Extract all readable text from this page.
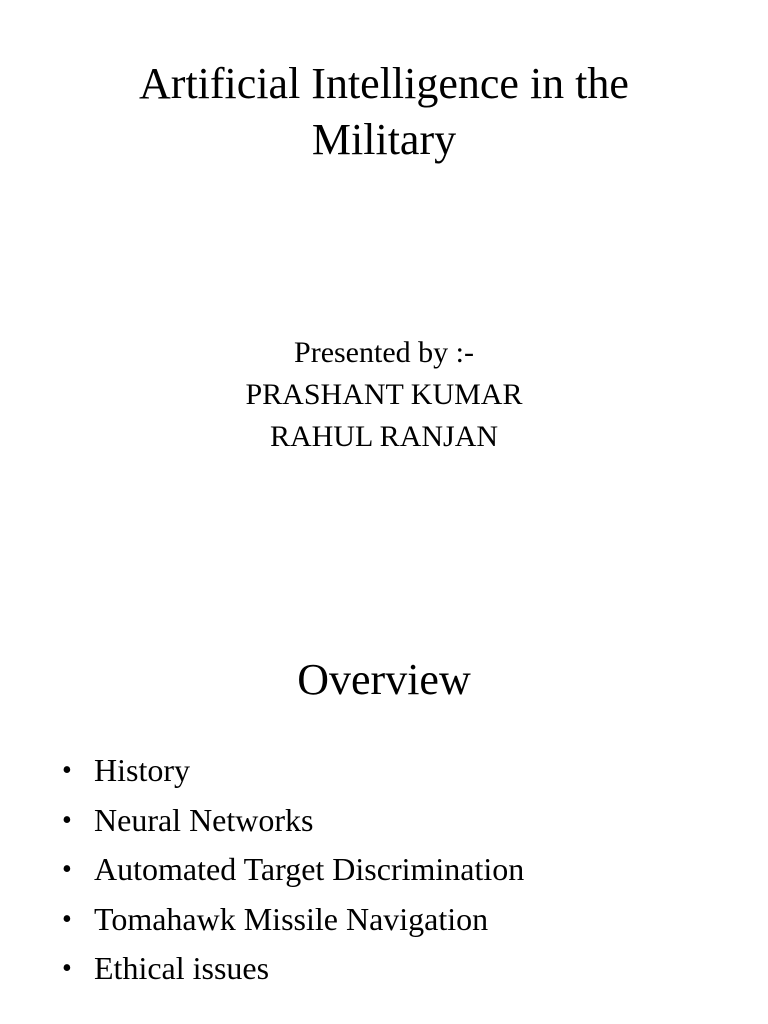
Artificial Intelligence in the
Military
Presented by :-
PRASHANT KUMAR
RAHUL RANJAN
Overview
• History
• Neural Networks
• Automated Target Discrimination
• Tomahawk Missile Navigation
• Ethical issues
